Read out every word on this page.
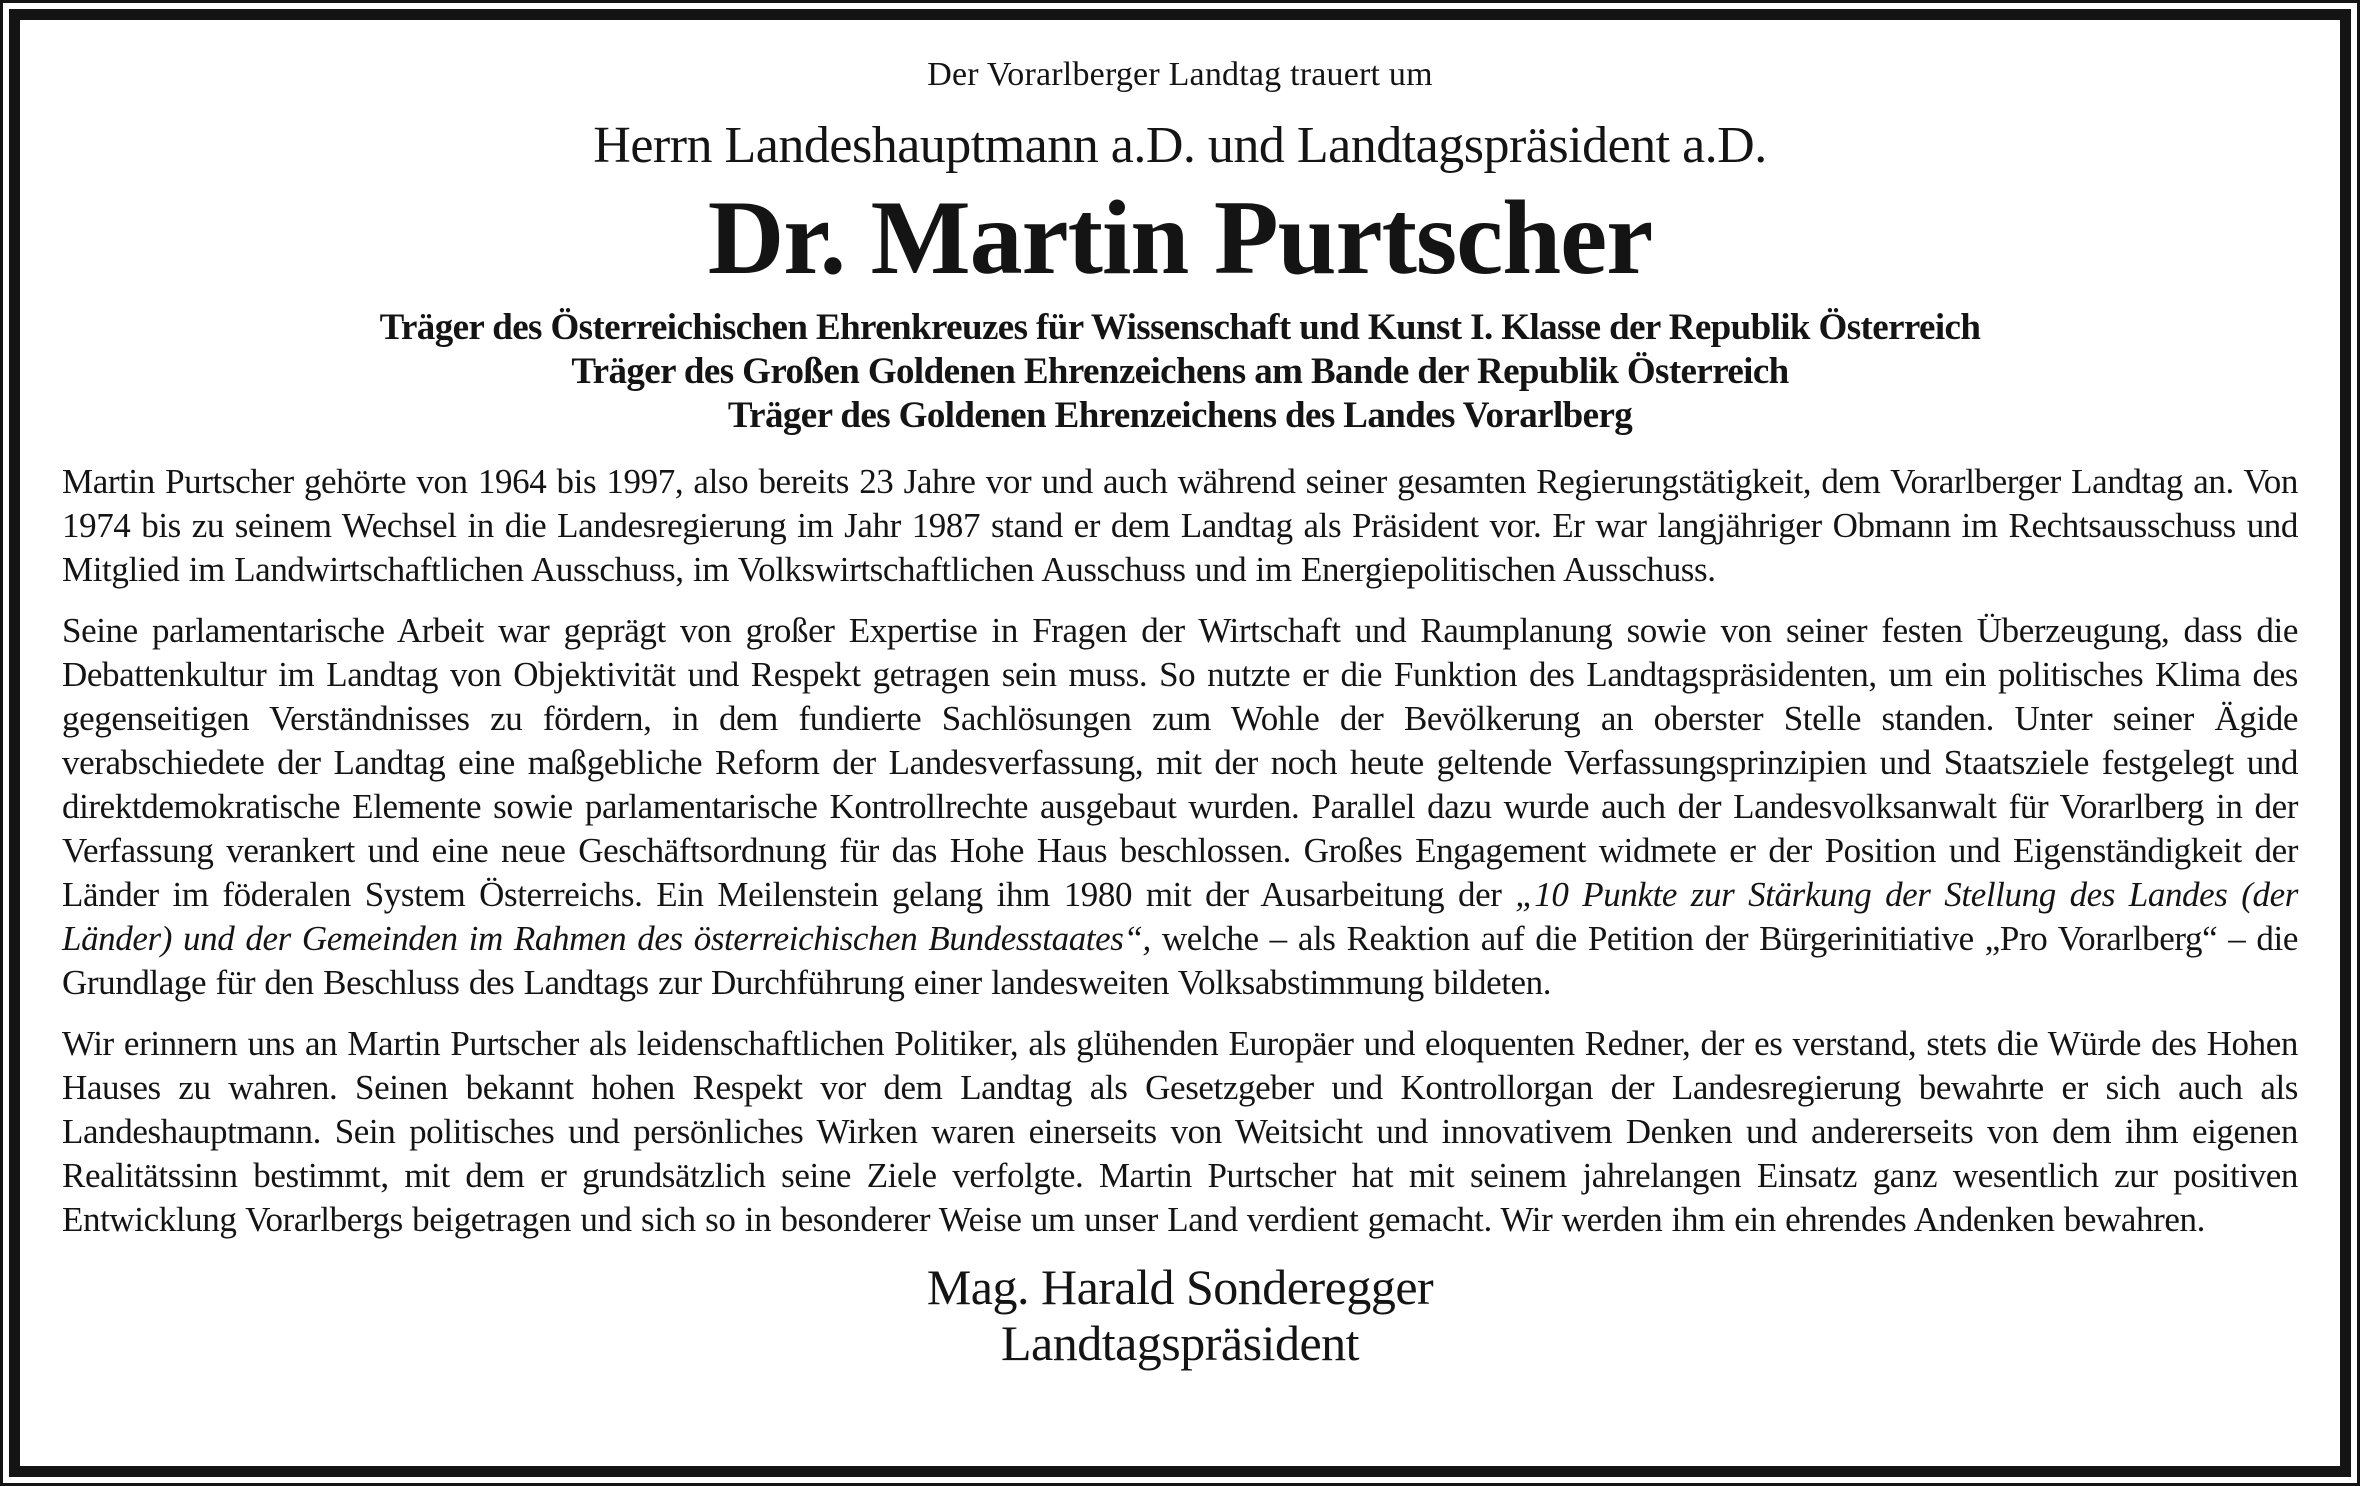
Der Vorarlberger Landtag trauert um
Herrn Landeshauptmann a.D. und Landtagspräsident a.D.
Dr. Martin Purtscher
Träger des Österreichischen Ehrenkreuzes für Wissenschaft und Kunst I. Klasse der Republik Österreich
Träger des Großen Goldenen Ehrenzeichens am Bande der Republik Österreich
Träger des Goldenen Ehrenzeichens des Landes Vorarlberg

Martin Purtscher gehörte von 1964 bis 1997, also bereits 23 Jahre vor und auch während seiner gesamten Regierungstätigkeit, dem Vorarlberger Landtag an. Von 1974 bis zu seinem Wechsel in die Landesregierung im Jahr 1987 stand er dem Landtag als Präsident vor. Er war langjähriger Obmann im Rechtsausschuss und Mitglied im Landwirtschaftlichen Ausschuss, im Volkswirtschaftlichen Ausschuss und im Energiepolitischen Ausschuss.

Seine parlamentarische Arbeit war geprägt von großer Expertise in Fragen der Wirtschaft und Raumplanung sowie von seiner festen Überzeugung, dass die Debattenkultur im Landtag von Objektivität und Respekt getragen sein muss. So nutzte er die Funktion des Landtagspräsidenten, um ein politisches Klima des gegenseitigen Verständnisses zu fördern, in dem fundierte Sachlösungen zum Wohle der Bevölkerung an oberster Stelle standen. Unter seiner Ägide verabschiedete der Landtag eine maßgebliche Reform der Landesverfassung, mit der noch heute geltende Verfassungsprinzipien und Staatsziele festgelegt und direktdemokratische Elemente sowie parlamentarische Kontrollrechte ausgebaut wurden. Parallel dazu wurde auch der Landesvolksanwalt für Vorarlberg in der Verfassung verankert und eine neue Geschäftsordnung für das Hohe Haus beschlossen. Großes Engagement widmete er der Position und Eigenständigkeit der Länder im föderalen System Österreichs. Ein Meilenstein gelang ihm 1980 mit der Ausarbeitung der „10 Punkte zur Stärkung der Stellung des Landes (der Länder) und der Gemeinden im Rahmen des österreichischen Bundesstaates“, welche – als Reaktion auf die Petition der Bürgerinitiative „Pro Vorarlberg“ – die Grundlage für den Beschluss des Landtags zur Durchführung einer landesweiten Volksabstimmung bildeten.

Wir erinnern uns an Martin Purtscher als leidenschaftlichen Politiker, als glühenden Europäer und eloquenten Redner, der es verstand, stets die Würde des Hohen Hauses zu wahren. Seinen bekannt hohen Respekt vor dem Landtag als Gesetzgeber und Kontrollorgan der Landesregierung bewahrte er sich auch als Landeshauptmann. Sein politisches und persönliches Wirken waren einerseits von Weitsicht und innovativem Denken und andererseits von dem ihm eigenen Realitätssinn bestimmt, mit dem er grundsätzlich seine Ziele verfolgte. Martin Purtscher hat mit seinem jahrelangen Einsatz ganz wesentlich zur positiven Entwicklung Vorarlbergs beigetragen und sich so in besonderer Weise um unser Land verdient gemacht. Wir werden ihm ein ehrendes Andenken bewahren.

Mag. Harald Sonderegger
Landtagspräsident
